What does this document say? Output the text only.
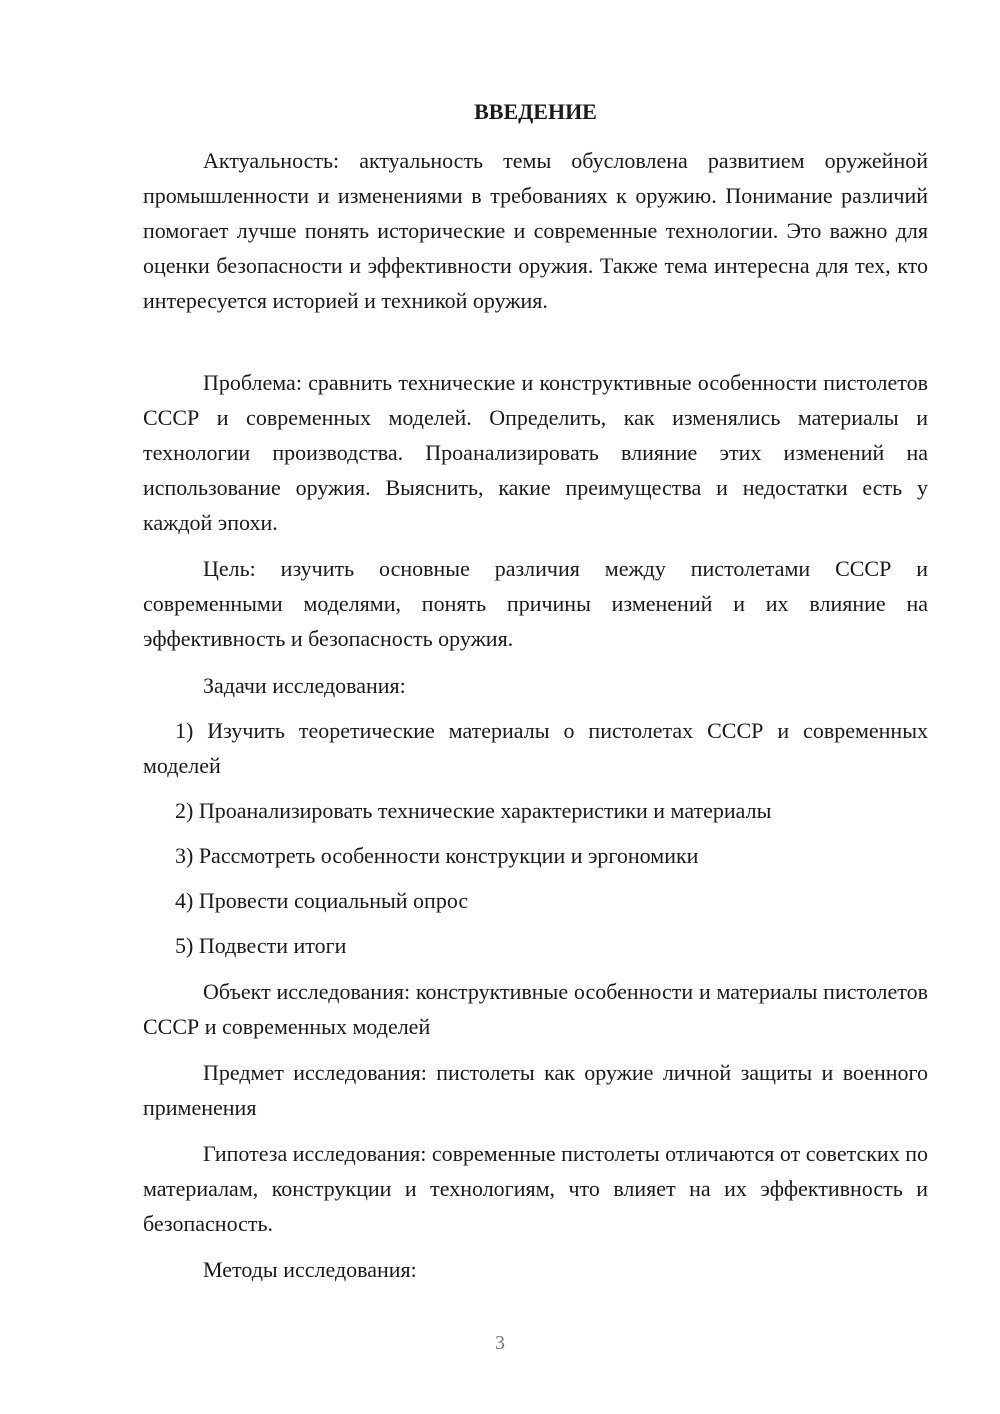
ВВЕДЕНИЕ

Актуальность: актуальность темы обусловлена развитием оружейной промышленности и изменениями в требованиях к оружию. Понимание различий помогает лучше понять исторические и современные технологии. Это важно для оценки безопасности и эффективности оружия. Также тема интересна для тех, кто интересуется историей и техникой оружия.

Проблема: сравнить технические и конструктивные особенности пистолетов СССР и современных моделей. Определить, как изменялись материалы и технологии производства. Проанализировать влияние этих изменений на использование оружия. Выяснить, какие преимущества и недостатки есть у каждой эпохи.

Цель: изучить основные различия между пистолетами СССР и современными моделями, понять причины изменений и их влияние на эффективность и безопасность оружия.

Задачи исследования:

1) Изучить теоретические материалы о пистолетах СССР и современных моделей

2) Проанализировать технические характеристики и материалы

3) Рассмотреть особенности конструкции и эргономики

4) Провести социальный опрос

5) Подвести итоги

Объект исследования: конструктивные особенности и материалы пистолетов СССР и современных моделей

Предмет исследования: пистолеты как оружие личной защиты и военного применения

Гипотеза исследования: современные пистолеты отличаются от советских по материалам, конструкции и технологиям, что влияет на их эффективность и безопасность.

Методы исследования:

3
